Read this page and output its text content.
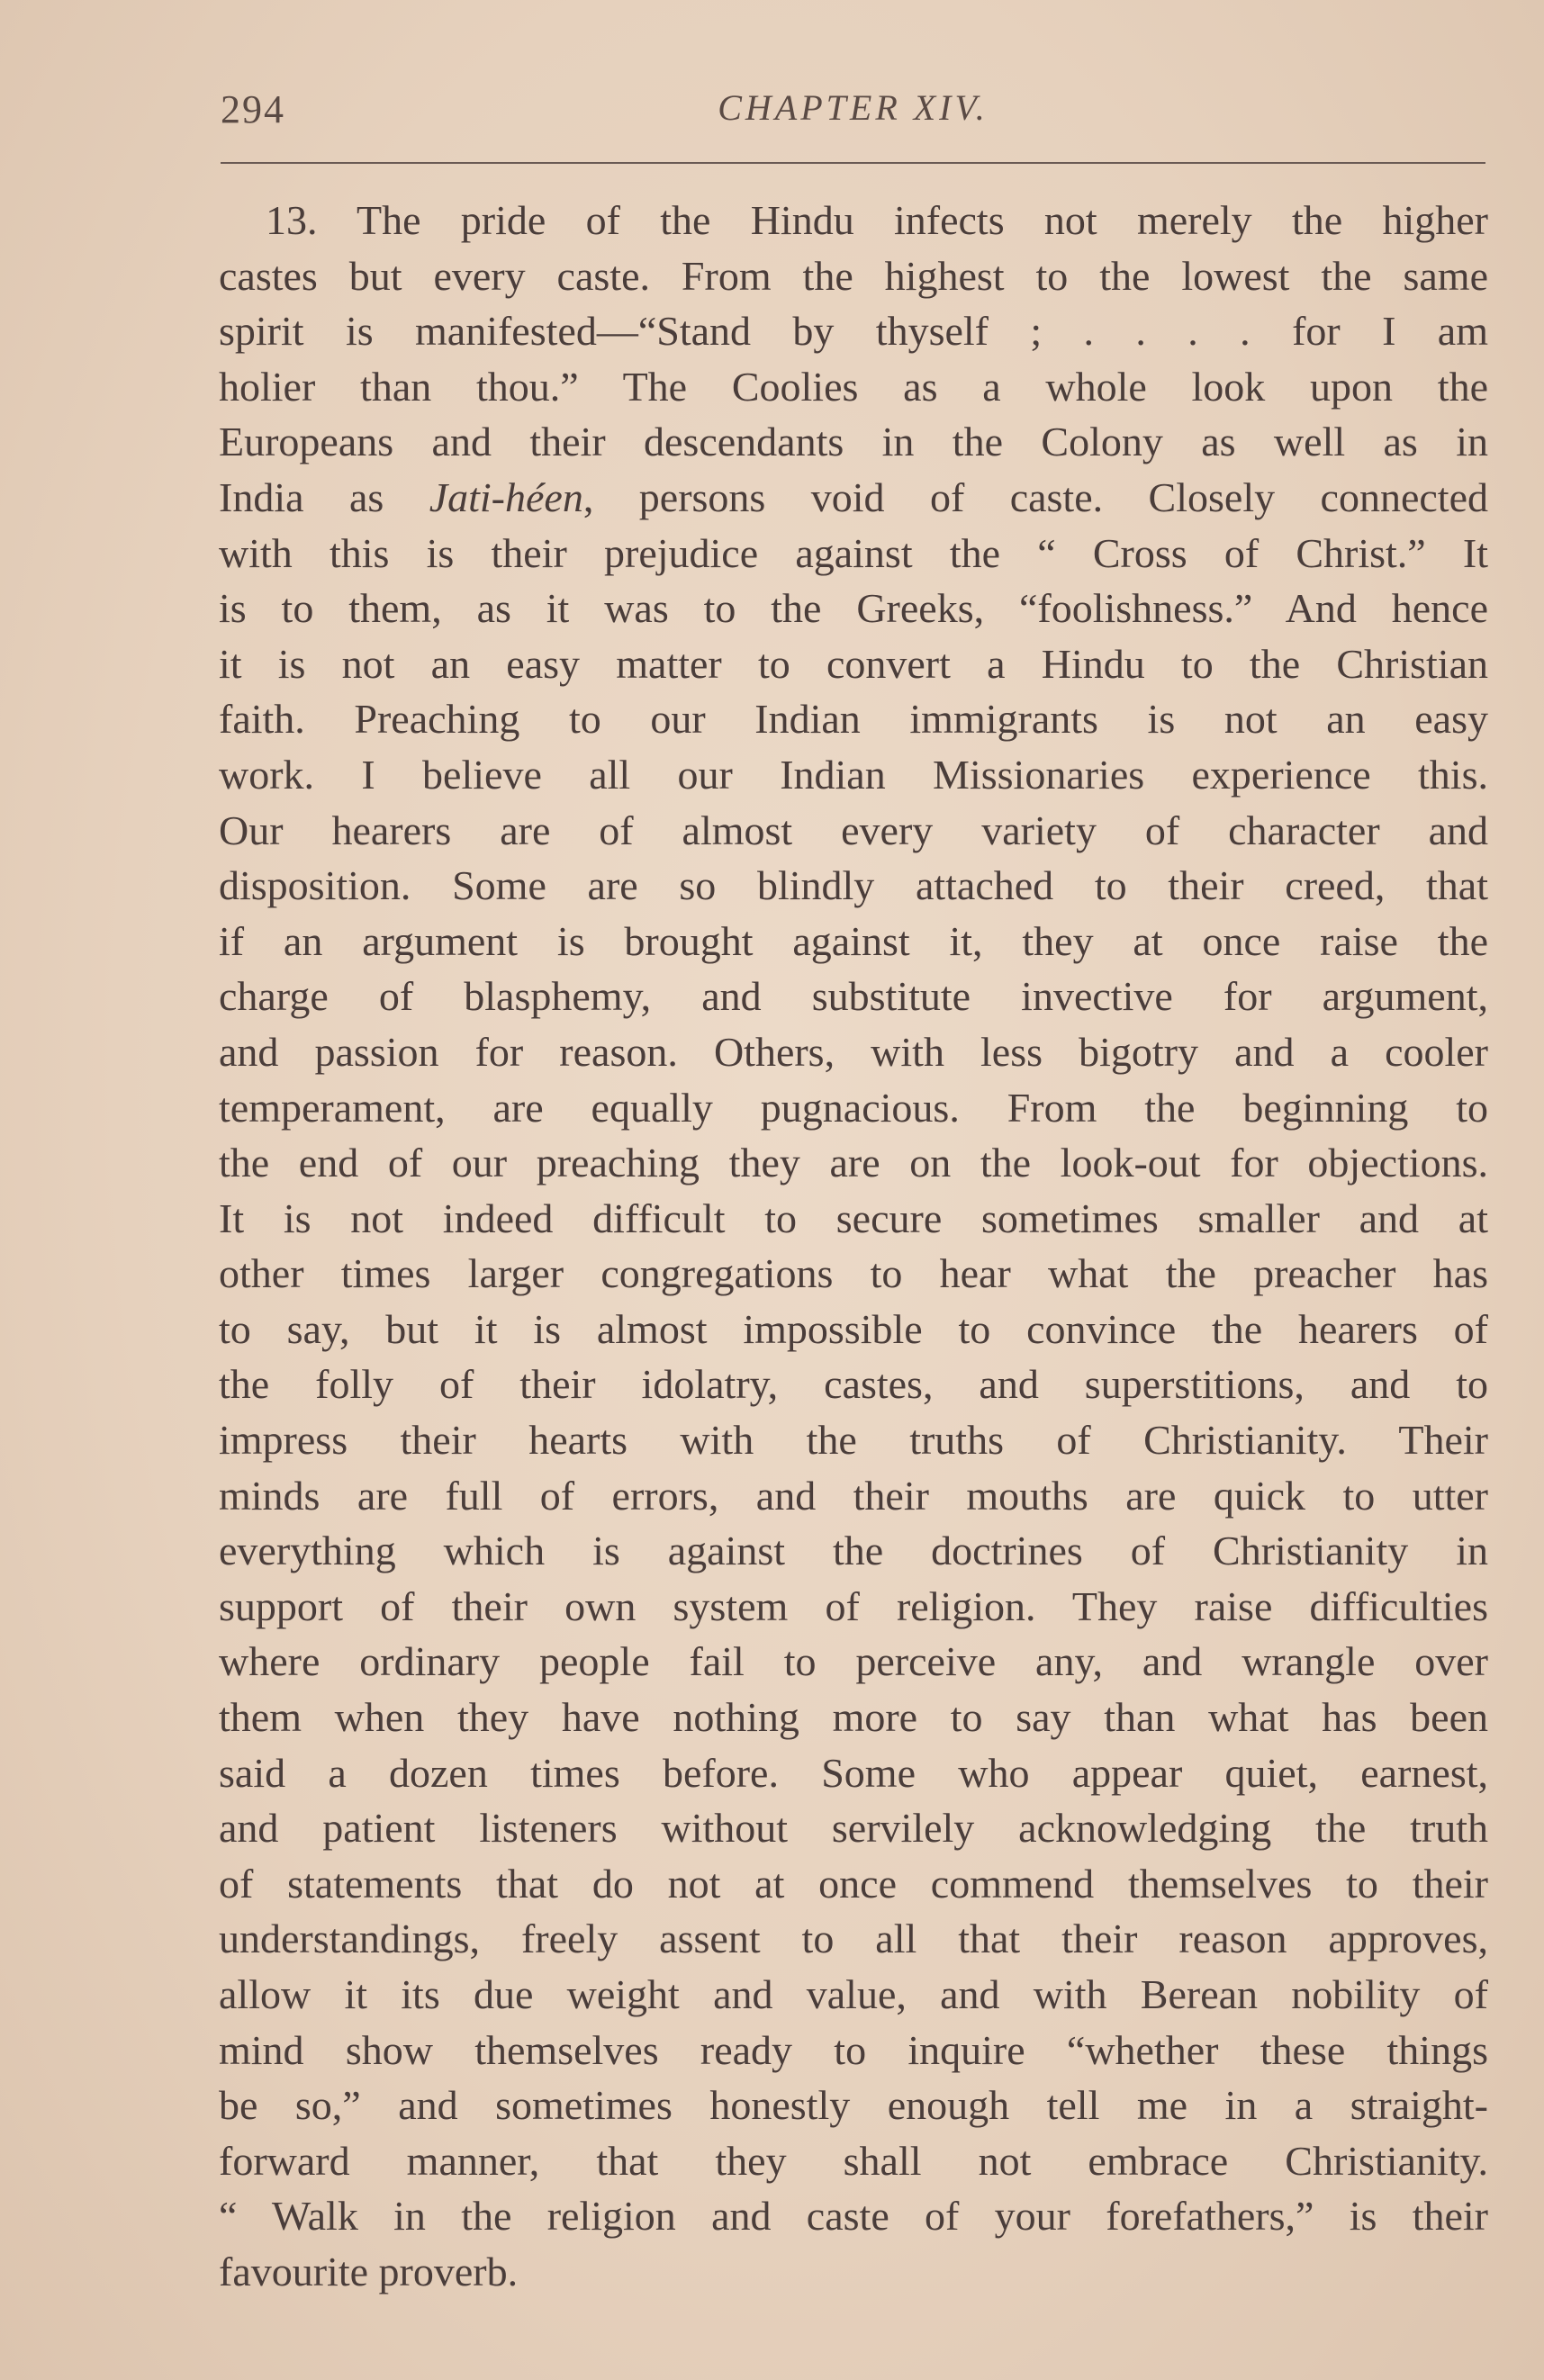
294	CHAPTER XIV.
13. The pride of the Hindu infects not merely the higher
castes but every caste. From the highest to the lowest the same
spirit is manifested—“Stand by thyself ; . . . . for I am
holier than thou.” The Coolies as a whole look upon the
Europeans and their descendants in the Colony as well as in
India as Jati-héen, persons void of caste. Closely connected
with this is their prejudice against the “ Cross of Christ.” It
is to them, as it was to the Greeks, “foolishness.” And hence
it is not an easy matter to convert a Hindu to the Christian
faith. Preaching to our Indian immigrants is not an easy
work. I believe all our Indian Missionaries experience this.
Our hearers are of almost every variety of character and
disposition. Some are so blindly attached to their creed, that
if an argument is brought against it, they at once raise the
charge of blasphemy, and substitute invective for argument,
and passion for reason. Others, with less bigotry and a cooler
temperament, are equally pugnacious. From the beginning to
the end of our preaching they are on the look-out for objections.
It is not indeed difficult to secure sometimes smaller and at
other times larger congregations to hear what the preacher has
to say, but it is almost impossible to convince the hearers of
the folly of their idolatry, castes, and superstitions, and to
impress their hearts with the truths of Christianity. Their
minds are full of errors, and their mouths are quick to utter
everything which is against the doctrines of Christianity in
support of their own system of religion. They raise difficulties
where ordinary people fail to perceive any, and wrangle over
them when they have nothing more to say than what has been
said a dozen times before. Some who appear quiet, earnest,
and patient listeners without servilely acknowledging the truth
of statements that do not at once commend themselves to their
understandings, freely assent to all that their reason approves,
allow it its due weight and value, and with Berean nobility of
mind show themselves ready to inquire “whether these things
be so,” and sometimes honestly enough tell me in a straight-
forward manner, that they shall not embrace Christianity.
“ Walk in the religion and caste of your forefathers,” is their
favourite proverb.
